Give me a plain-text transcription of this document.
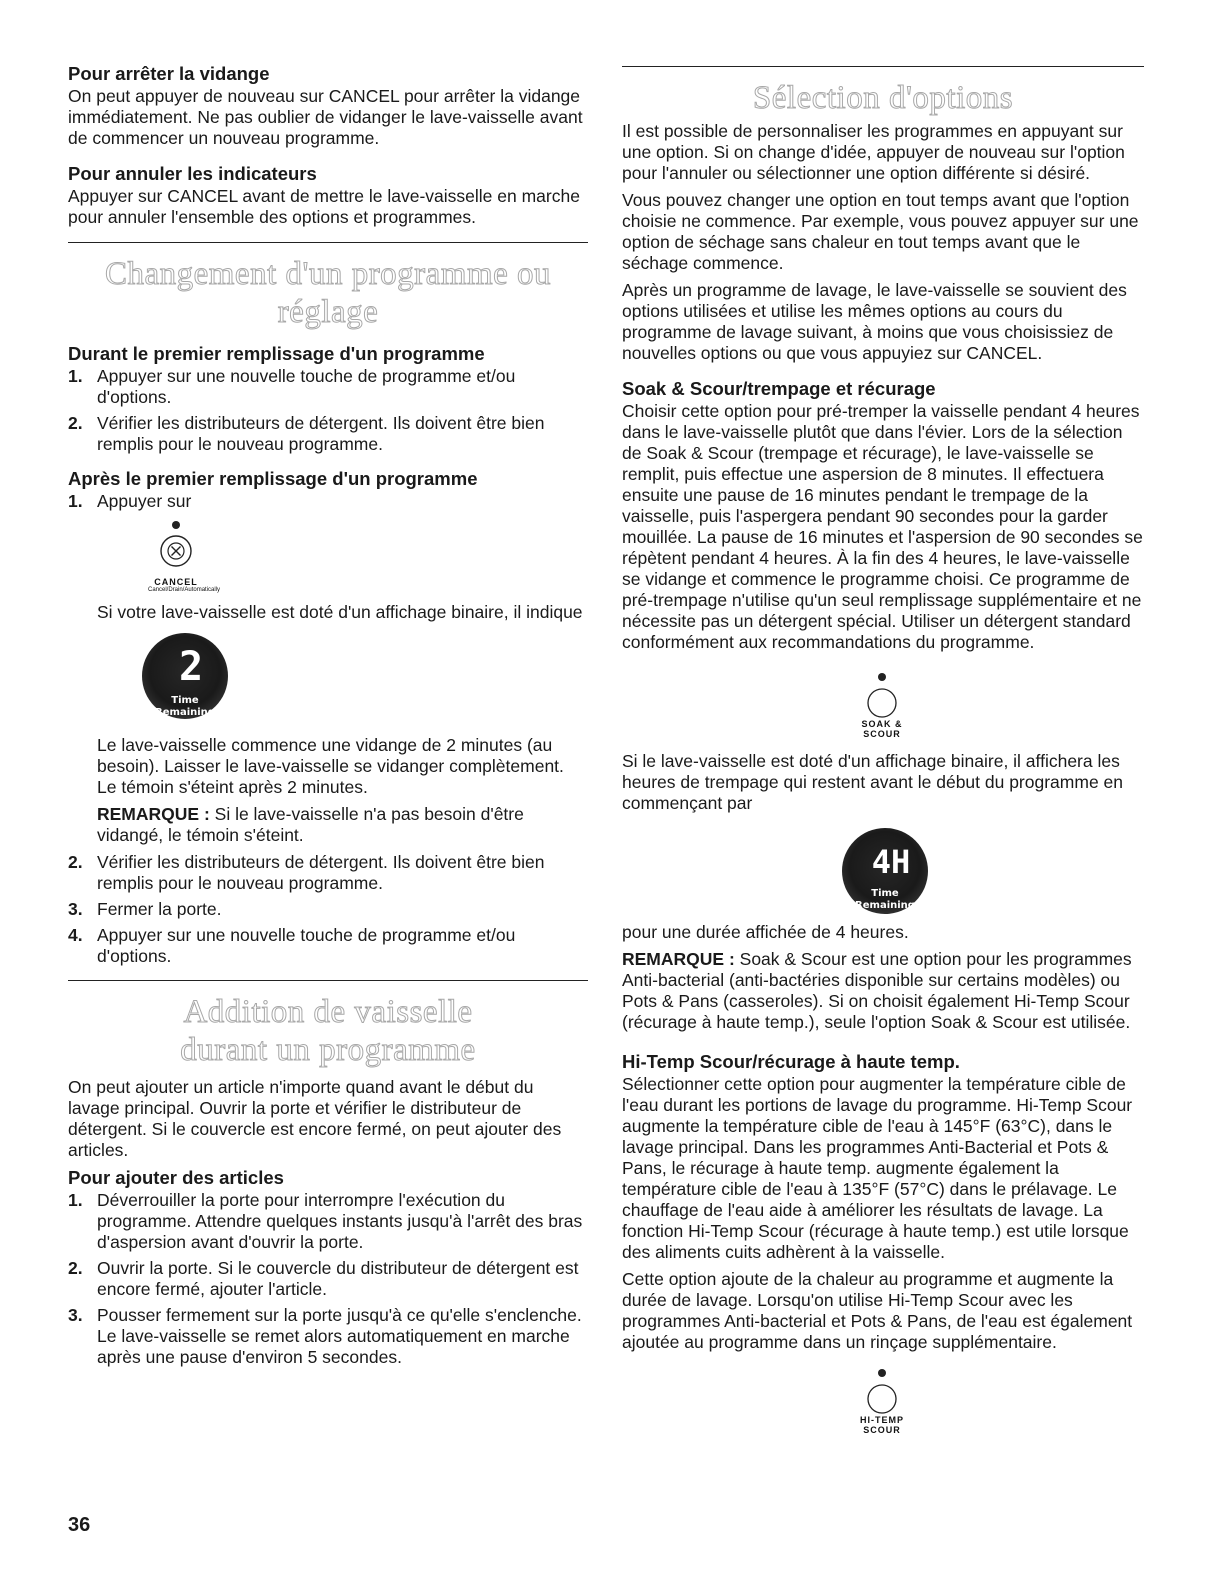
Pour arrêter la vidange

On peut appuyer de nouveau sur CANCEL pour arrêter la vidange immédiatement. Ne pas oublier de vidanger le lave-vaisselle avant de commencer un nouveau programme.

Pour annuler les indicateurs

Appuyer sur CANCEL avant de mettre le lave-vaisselle en marche pour annuler l'ensemble des options et programmes.

Changement d'un programme ou réglage
Durant le premier remplissage d'un programme
1. Appuyer sur une nouvelle touche de programme et/ou d'options.
2. Vérifier les distributeurs de détergent. Ils doivent être bien remplis pour le nouveau programme.
Après le premier remplissage d'un programme
1. Appuyer sur
CANCEL
Cancel/Drain/Automatically

Si votre lave-vaisselle est doté d'un affichage binaire, il indique

2
Time Remaining

Le lave-vaisselle commence une vidange de 2 minutes (au besoin). Laisser le lave-vaisselle se vidanger complètement. Le témoin s'éteint après 2 minutes.

REMARQUE : Si le lave-vaisselle n'a pas besoin d'être vidangé, le témoin s'éteint.

2. Vérifier les distributeurs de détergent. Ils doivent être bien remplis pour le nouveau programme.
3. Fermer la porte.
4. Appuyer sur une nouvelle touche de programme et/ou d'options.
Addition de vaisselle
durant un programme

On peut ajouter un article n'importe quand avant le début du lavage principal. Ouvrir la porte et vérifier le distributeur de détergent. Si le couvercle est encore fermé, on peut ajouter des articles.

Pour ajouter des articles
1. Déverrouiller la porte pour interrompre l'exécution du programme. Attendre quelques instants jusqu'à l'arrêt des bras d'aspersion avant d'ouvrir la porte.
2. Ouvrir la porte. Si le couvercle du distributeur de détergent est encore fermé, ajouter l'article.
3. Pousser fermement sur la porte jusqu'à ce qu'elle s'enclenche. Le lave-vaisselle se remet alors automatiquement en marche après une pause d'environ 5 secondes.
Sélection d'options

Il est possible de personnaliser les programmes en appuyant sur une option. Si on change d'idée, appuyer de nouveau sur l'option pour l'annuler ou sélectionner une option différente si désiré.

Vous pouvez changer une option en tout temps avant que l'option choisie ne commence. Par exemple, vous pouvez appuyer sur une option de séchage sans chaleur en tout temps avant que le séchage commence.

Après un programme de lavage, le lave-vaisselle se souvient des options utilisées et utilise les mêmes options au cours du programme de lavage suivant, à moins que vous choisissiez de nouvelles options ou que vous appuyiez sur CANCEL.

Soak & Scour/trempage et récurage

Choisir cette option pour pré-tremper la vaisselle pendant 4 heures dans le lave-vaisselle plutôt que dans l'évier. Lors de la sélection de Soak & Scour (trempage et récurage), le lave-vaisselle se remplit, puis effectue une aspersion de 8 minutes. Il effectuera ensuite une pause de 16 minutes pendant le trempage de la vaisselle, puis l'aspergera pendant 90 secondes pour la garder mouillée. La pause de 16 minutes et l'aspersion de 90 secondes se répètent pendant 4 heures. À la fin des 4 heures, le lave-vaisselle se vidange et commence le programme choisi. Ce programme de pré-trempage n'utilise qu'un seul remplissage supplémentaire et ne nécessite pas un détergent spécial. Utiliser un détergent standard conformément aux recommandations du programme.

SOAK & SCOUR

Si le lave-vaisselle est doté d'un affichage binaire, il affichera les heures de trempage qui restent avant le début du programme en commençant par

4H
Time Remaining

pour une durée affichée de 4 heures.

REMARQUE : Soak & Scour est une option pour les programmes Anti-bacterial (anti-bactéries disponible sur certains modèles) ou Pots & Pans (casseroles). Si on choisit également Hi-Temp Scour (récurage à haute temp.), seule l'option Soak & Scour est utilisée.

Hi-Temp Scour/récurage à haute temp.

Sélectionner cette option pour augmenter la température cible de l'eau durant les portions de lavage du programme. Hi-Temp Scour augmente la température cible de l'eau à 145°F (63°C), dans le lavage principal. Dans les programmes Anti-Bacterial et Pots & Pans, le récurage à haute temp. augmente également la température cible de l'eau à 135°F (57°C) dans le prélavage. Le chauffage de l'eau aide à améliorer les résultats de lavage. La fonction Hi-Temp Scour (récurage à haute temp.) est utile lorsque des aliments cuits adhèrent à la vaisselle.

Cette option ajoute de la chaleur au programme et augmente la durée de lavage. Lorsqu'on utilise Hi-Temp Scour avec les programmes Anti-bacterial et Pots & Pans, de l'eau est également ajoutée au programme dans un rinçage supplémentaire.

HI-TEMP SCOUR
36
